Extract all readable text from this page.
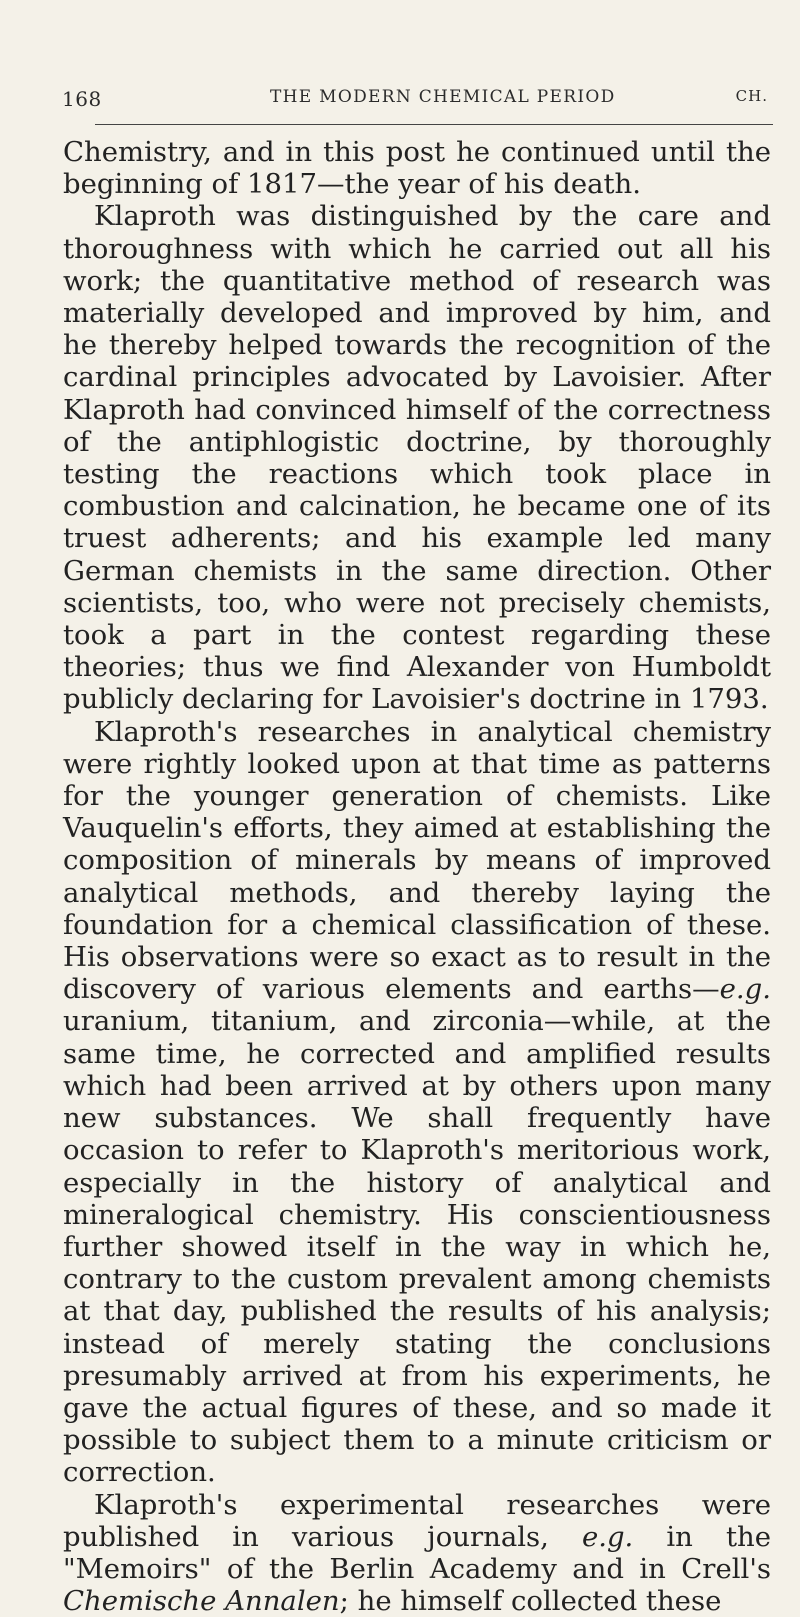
168	THE MODERN CHEMICAL PERIOD	CH.

Chemistry, and in this post he continued until the beginning of 1817—the year of his death.

Klaproth was distinguished by the care and thoroughness with which he carried out all his work; the quantitative method of research was materially developed and improved by him, and he thereby helped towards the recognition of the cardinal principles advocated by Lavoisier. After Klaproth had convinced himself of the correctness of the antiphlogistic doctrine, by thoroughly testing the reactions which took place in combustion and calcination, he became one of its truest adherents; and his example led many German chemists in the same direction. Other scientists, too, who were not precisely chemists, took a part in the contest regarding these theories; thus we find Alexander von Humboldt publicly declaring for Lavoisier's doctrine in 1793.

Klaproth's researches in analytical chemistry were rightly looked upon at that time as patterns for the younger generation of chemists. Like Vauquelin's efforts, they aimed at establishing the composition of minerals by means of improved analytical methods, and thereby laying the foundation for a chemical classification of these. His observations were so exact as to result in the discovery of various elements and earths—e.g. uranium, titanium, and zirconia—while, at the same time, he corrected and amplified results which had been arrived at by others upon many new substances. We shall frequently have occasion to refer to Klaproth's meritorious work, especially in the history of analytical and mineralogical chemistry. His conscientiousness further showed itself in the way in which he, contrary to the custom prevalent among chemists at that day, published the results of his analysis; instead of merely stating the conclusions presumably arrived at from his experiments, he gave the actual figures of these, and so made it possible to subject them to a minute criticism or correction.

Klaproth's experimental researches were published in various journals, e.g. in the "Memoirs" of the Berlin Academy and in Crell's Chemische Annalen; he himself collected these
